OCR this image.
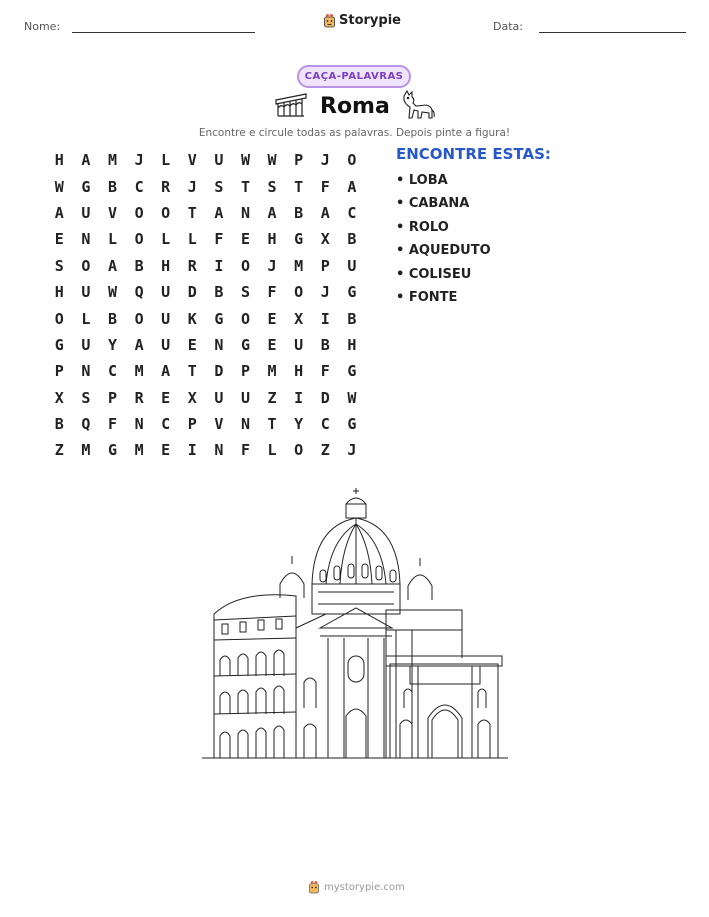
Nome:	Storypie	Data:
CAÇA-PALAVRAS
Roma
Encontre e circule todas as palavras. Depois pinte a figura!
H	A	M	J	L	V	U	W	W	P	J	O
W	G	B	C	R	J	S	T	S	T	F	A
A	U	V	O	O	T	A	N	A	B	A	C
E	N	L	O	L	L	F	E	H	G	X	B
S	O	A	B	H	R	I	O	J	M	P	U
H	U	W	Q	U	D	B	S	F	O	J	G
O	L	B	O	U	K	G	O	E	X	I	B
G	U	Y	A	U	E	N	G	E	U	B	H
P	N	C	M	A	T	D	P	M	H	F	G
X	S	P	R	E	X	U	U	Z	I	D	W
B	Q	F	N	C	P	V	N	T	Y	C	G
Z	M	G	M	E	I	N	F	L	O	Z	J
ENCONTRE ESTAS:
• LOBA
• CABANA
• ROLO
• AQUEDUTO
• COLISEU
• FONTE
mystorypie.com
